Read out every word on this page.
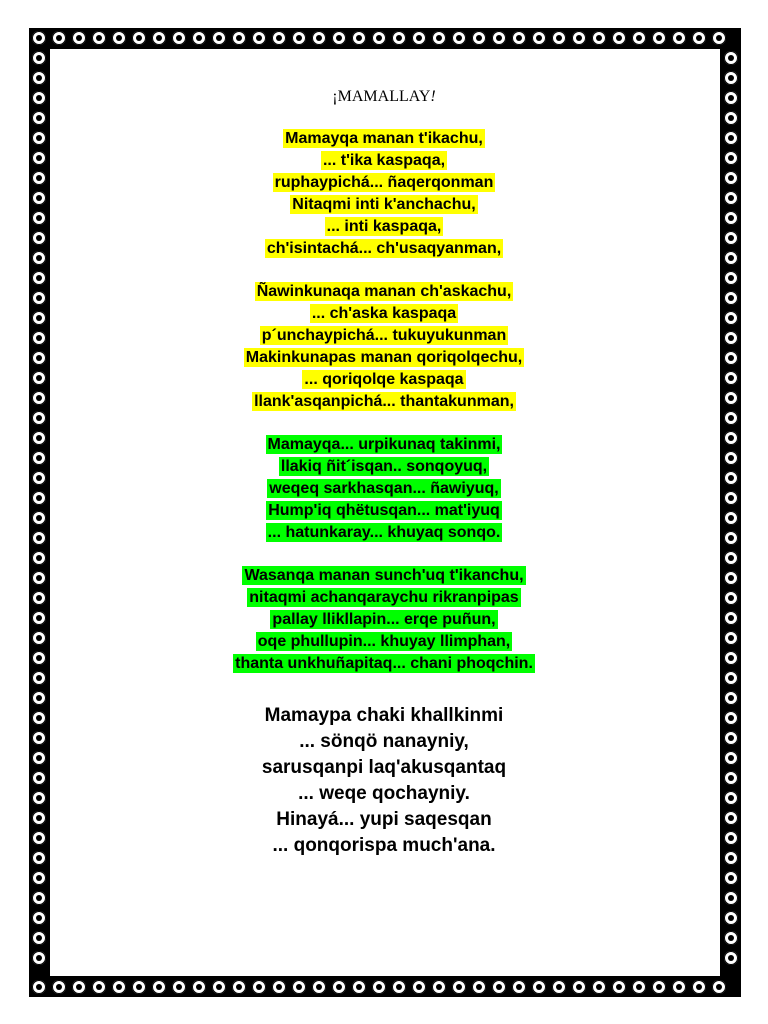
¡MAMALLAY!
Mamayqa manan t'ikachu,
... t'ika kaspaqa,
ruphaypichá... ñaqerqonman
Nitaqmi inti k'anchachu,
... inti kaspaqa,
ch'isintachá... ch'usaqyanman,
Ñawinkunaqa manan ch'askachu,
... ch'aska kaspaqa
p´unchaypichá... tukuyukunman
Makinkunapas manan qoriqolqechu,
... qoriqolqe kaspaqa
llank'asqanpichá... thantakunman,
Mamayqa... urpikunaq takinmi,
llakiq ñit´isqan.. sonqoyuq,
weqeq sarkhasqan... ñawiyuq,
Hump'iq qhëtusqan... mat'iyuq
... hatunkaray... khuyaq sonqo.
Wasanqa manan sunch'uq t'ikanchu,
nitaqmi achanqaraychu rikranpipas
pallay llikllapin... erqe puñun,
oqe phullupin... khuyay llimphan,
thanta unkhuñapitaq... chani phoqchin.
Mamaypa chaki khallkinmi
... sönqö nanayniy,
sarusqanpi laq'akusqantaq
... weqe qochayniy.
Hinayá... yupi saqesqan
... qonqorispa much'ana.
